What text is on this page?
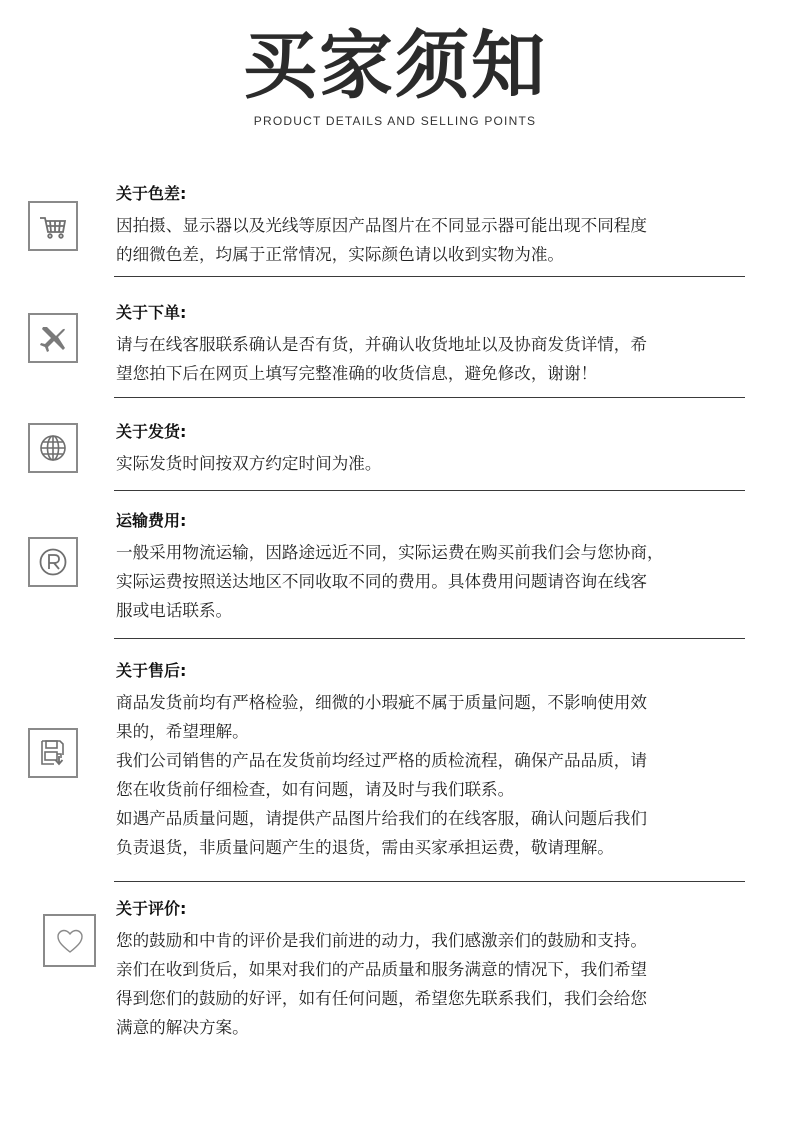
买家须知
PRODUCT DETAILS AND SELLING POINTS
关于色差:

因拍摄、显示器以及光线等原因产品图片在不同显示器可能出现不同程度

的细微色差，均属于正常情况，实际颜色请以收到实物为准。

关于下单:

请与在线客服联系确认是否有货，并确认收货地址以及协商发货详情，希

望您拍下后在网页上填写完整准确的收货信息，避免修改，谢谢！

关于发货:

实际发货时间按双方约定时间为准。

运输费用:

一般采用物流运输，因路途远近不同，实际运费在购买前我们会与您协商，

实际运费按照送达地区不同收取不同的费用。具体费用问题请咨询在线客

服或电话联系。

关于售后:

商品发货前均有严格检验，细微的小瑕疵不属于质量问题，不影响使用效

果的，希望理解。

我们公司销售的产品在发货前均经过严格的质检流程，确保产品品质，请

您在收货前仔细检查，如有问题，请及时与我们联系。

如遇产品质量问题，请提供产品图片给我们的在线客服，确认问题后我们

负责退货，非质量问题产生的退货，需由买家承担运费，敬请理解。

关于评价:

您的鼓励和中肯的评价是我们前进的动力，我们感激亲们的鼓励和支持。

亲们在收到货后，如果对我们的产品质量和服务满意的情况下，我们希望

得到您们的鼓励的好评，如有任何问题，希望您先联系我们，我们会给您

满意的解决方案。
